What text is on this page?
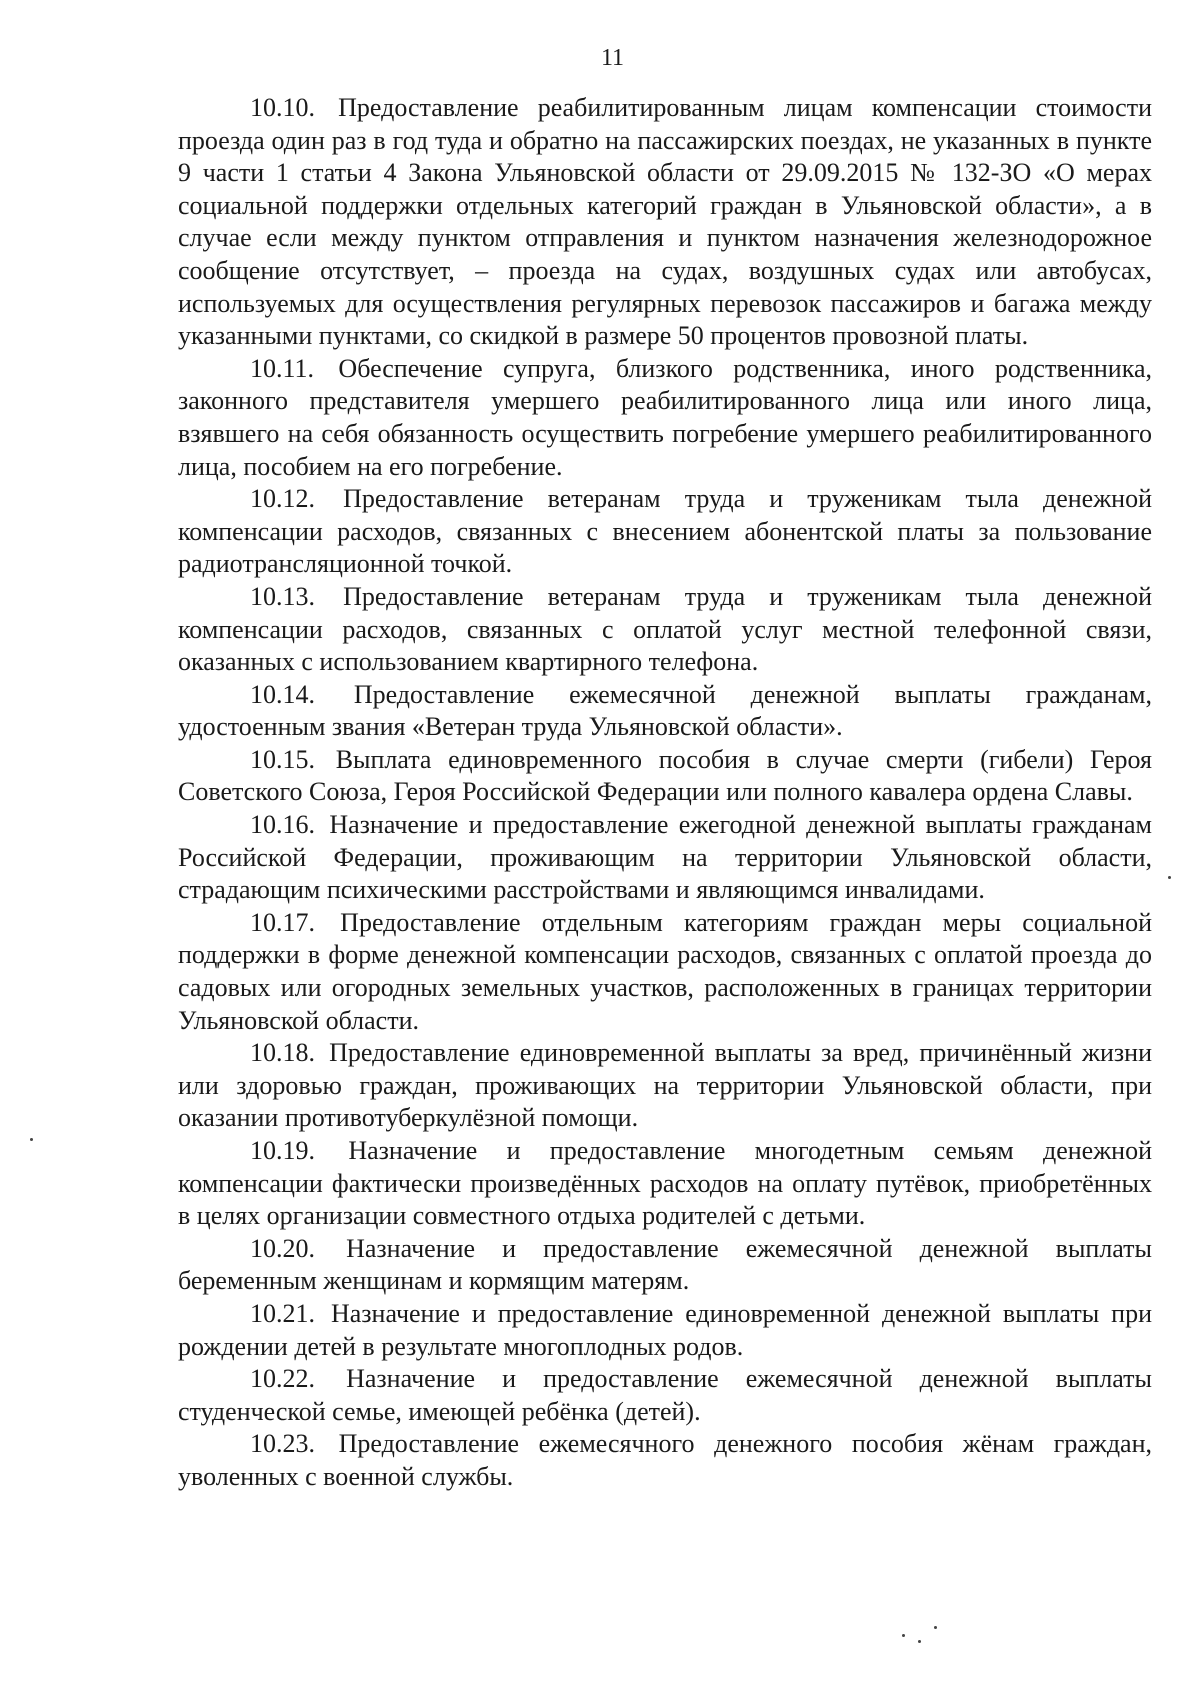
11

10.10. Предоставление реабилитированным лицам компенсации стоимости проезда один раз в год туда и обратно на пассажирских поездах, не указанных в пункте 9 части 1 статьи 4 Закона Ульяновской области от 29.09.2015 № 132-ЗО «О мерах социальной поддержки отдельных категорий граждан в Ульяновской области», а в случае если между пунктом отправления и пунктом назначения железнодорожное сообщение отсутствует, – проезда на судах, воздушных судах или автобусах, используемых для осуществления регулярных перевозок пассажиров и багажа между указанными пунктами, со скидкой в размере 50 процентов провозной платы.

10.11. Обеспечение супруга, близкого родственника, иного родственника, законного представителя умершего реабилитированного лица или иного лица, взявшего на себя обязанность осуществить погребение умершего реабилитированного лица, пособием на его погребение.

10.12. Предоставление ветеранам труда и труженикам тыла денежной компенсации расходов, связанных с внесением абонентской платы за пользование радиотрансляционной точкой.

10.13. Предоставление ветеранам труда и труженикам тыла денежной компенсации расходов, связанных с оплатой услуг местной телефонной связи, оказанных с использованием квартирного телефона.

10.14. Предоставление ежемесячной денежной выплаты гражданам, удостоенным звания «Ветеран труда Ульяновской области».

10.15. Выплата единовременного пособия в случае смерти (гибели) Героя Советского Союза, Героя Российской Федерации или полного кавалера ордена Славы.

10.16. Назначение и предоставление ежегодной денежной выплаты гражданам Российской Федерации, проживающим на территории Ульяновской области, страдающим психическими расстройствами и являющимся инвалидами.

10.17. Предоставление отдельным категориям граждан меры социальной поддержки в форме денежной компенсации расходов, связанных с оплатой проезда до садовых или огородных земельных участков, расположенных в границах территории Ульяновской области.

10.18. Предоставление единовременной выплаты за вред, причинённый жизни или здоровью граждан, проживающих на территории Ульяновской области, при оказании противотуберкулёзной помощи.

10.19. Назначение и предоставление многодетным семьям денежной компенсации фактически произведённых расходов на оплату путёвок, приобретённых в целях организации совместного отдыха родителей с детьми.

10.20. Назначение и предоставление ежемесячной денежной выплаты беременным женщинам и кормящим матерям.

10.21. Назначение и предоставление единовременной денежной выплаты при рождении детей в результате многоплодных родов.

10.22. Назначение и предоставление ежемесячной денежной выплаты студенческой семье, имеющей ребёнка (детей).

10.23. Предоставление ежемесячного денежного пособия жёнам граждан, уволенных с военной службы.
